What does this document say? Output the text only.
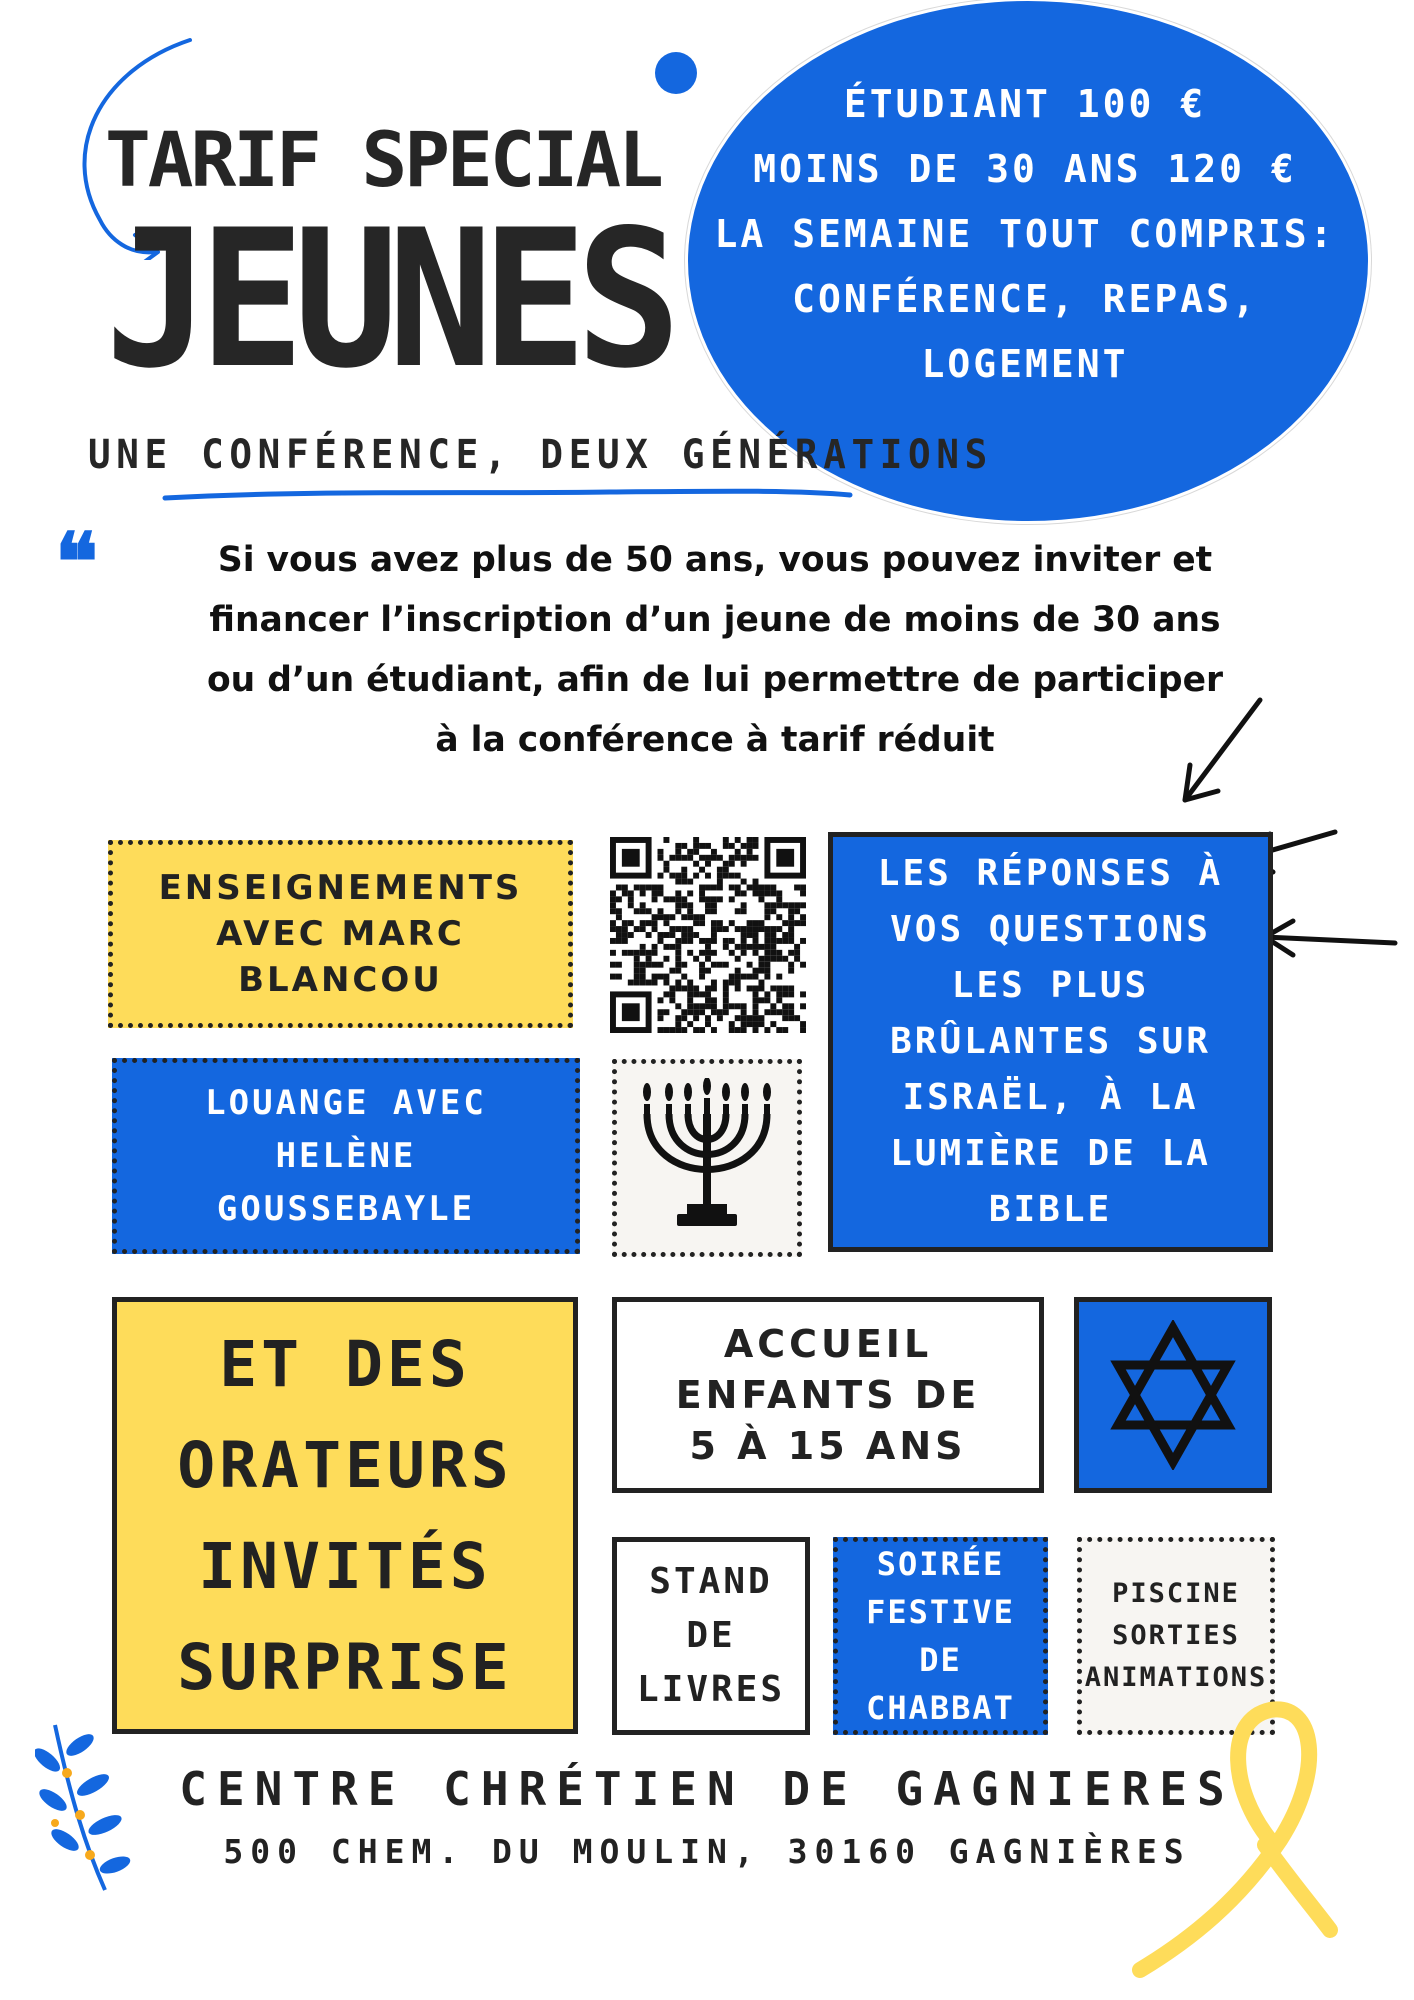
TARIF SPECIAL
JEUNES
ÉTUDIANT 100 €
MOINS DE 30 ANS 120 €
LA SEMAINE TOUT COMPRIS:
CONFÉRENCE, REPAS,
LOGEMENT
UNE CONFÉRENCE, DEUX GÉNÉRATIONS
❝	Si vous avez plus de 50 ans, vous pouvez inviter et
financer l’inscription d’un jeune de moins de 30 ans
ou d’un étudiant, afin de lui permettre de participer
à la conférence à tarif réduit
ENSEIGNEMENTS
AVEC MARC
BLANCOU
LES RÉPONSES À
VOS QUESTIONS
LES PLUS
BRÛLANTES SUR
ISRAËL, À LA
LUMIÈRE DE LA
BIBLE
LOUANGE AVEC
HELÈNE
GOUSSEBAYLE
ET DES
ORATEURS
INVITÉS
SURPRISE
ACCUEIL
ENFANTS DE
5 À 15 ANS
STAND
DE
LIVRES
SOIRÉE
FESTIVE DE
CHABBAT
PISCINE
SORTIES
ANIMATIONS
CENTRE CHRÉTIEN DE GAGNIERES
500 CHEM. DU MOULIN, 30160 GAGNIÈRES
